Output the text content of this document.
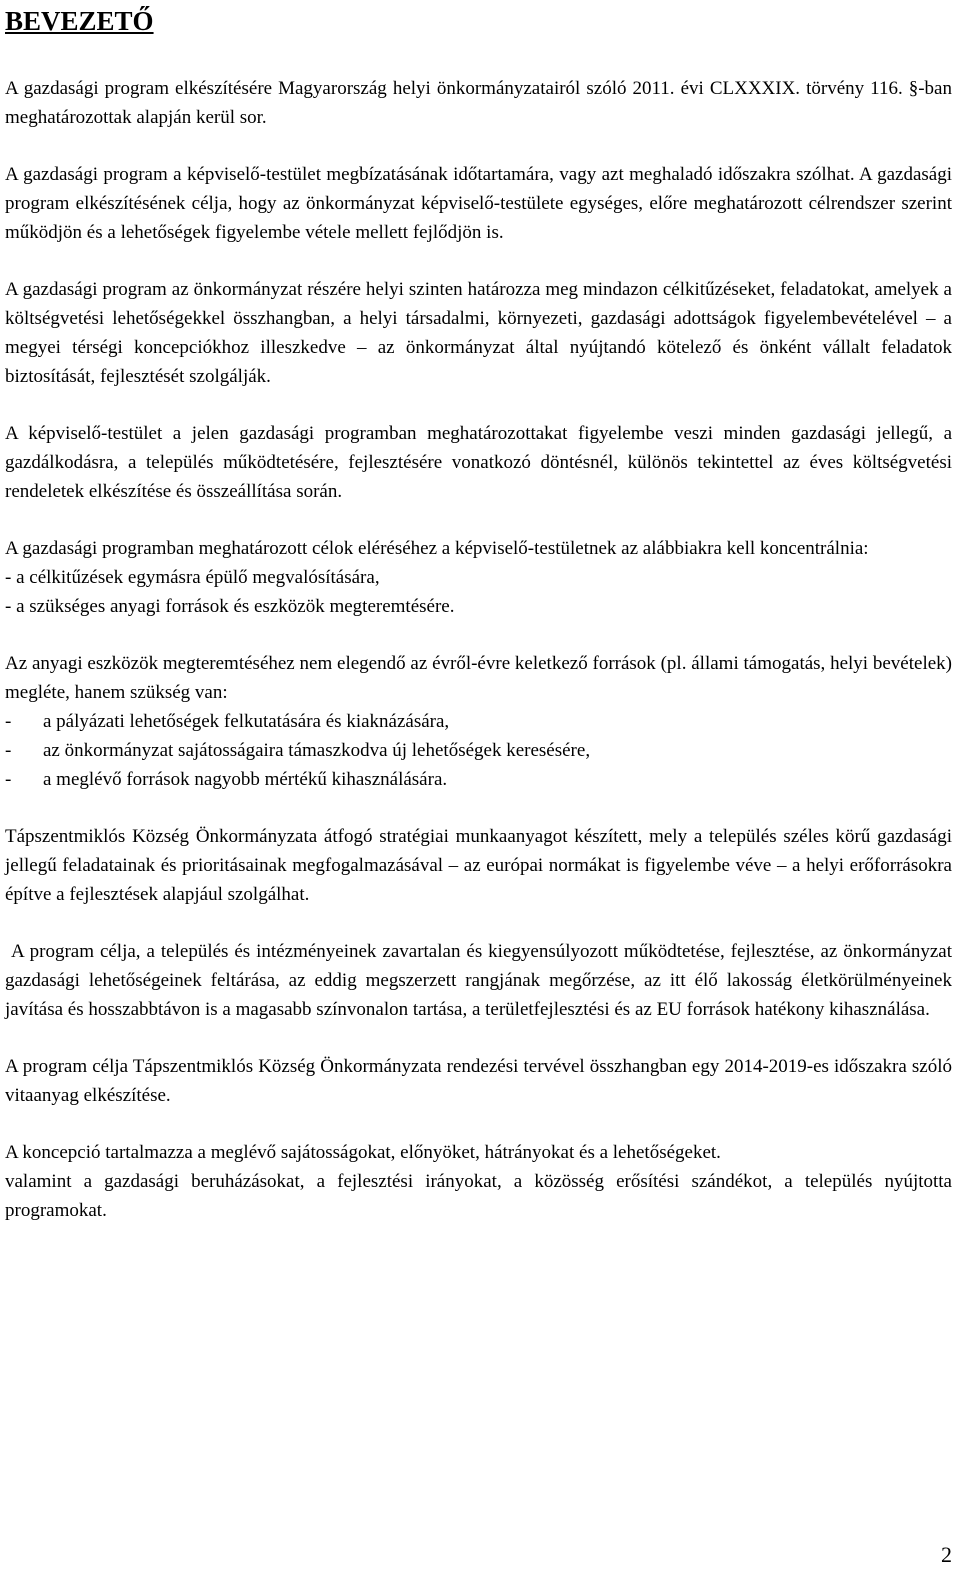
BEVEZETŐ

A gazdasági program elkészítésére Magyarország helyi önkormányzatairól szóló 2011. évi CLXXXIX. törvény 116. §-ban meghatározottak alapján kerül sor.

A gazdasági program a képviselő-testület megbízatásának időtartamára, vagy azt meghaladó időszakra szólhat. A gazdasági program elkészítésének célja, hogy az önkormányzat képviselő-testülete egységes, előre meghatározott célrendszer szerint működjön és a lehetőségek figyelembe vétele mellett fejlődjön is.

A gazdasági program az önkormányzat részére helyi szinten határozza meg mindazon célkitűzéseket, feladatokat, amelyek a költségvetési lehetőségekkel összhangban, a helyi társadalmi, környezeti, gazdasági adottságok figyelembevételével – a megyei térségi koncepciókhoz illeszkedve – az önkormányzat által nyújtandó kötelező és önként vállalt feladatok biztosítását, fejlesztését szolgálják.

A képviselő-testület a jelen gazdasági programban meghatározottakat figyelembe veszi minden gazdasági jellegű, a gazdálkodásra, a település működtetésére, fejlesztésére vonatkozó döntésnél, különös tekintettel az éves költségvetési rendeletek elkészítése és összeállítása során.

A gazdasági programban meghatározott célok eléréséhez a képviselő-testületnek az alábbiakra kell koncentrálnia:
- a célkitűzések egymásra épülő megvalósítására,
- a szükséges anyagi források és eszközök megteremtésére.

Az anyagi eszközök megteremtéséhez nem elegendő az évről-évre keletkező források (pl. állami támogatás, helyi bevételek) megléte, hanem szükség van:

-	a pályázati lehetőségek felkutatására és kiaknázására,
-	az önkormányzat sajátosságaira támaszkodva új lehetőségek keresésére,
-	a meglévő források nagyobb mértékű kihasználására.

Tápszentmiklós Község Önkormányzata átfogó stratégiai munkaanyagot készített, mely a település széles körű gazdasági jellegű feladatainak és prioritásainak megfogalmazásával – az európai normákat is figyelembe véve – a helyi erőforrásokra építve a fejlesztések alapjául szolgálhat.

A program célja, a település és intézményeinek zavartalan és kiegyensúlyozott működtetése, fejlesztése, az önkormányzat gazdasági lehetőségeinek feltárása, az eddig megszerzett rangjának megőrzése, az itt élő lakosság életkörülményeinek javítása és hosszabbtávon is a magasabb színvonalon tartása, a területfejlesztési és az EU források hatékony kihasználása.

A program célja Tápszentmiklós Község Önkormányzata rendezési tervével összhangban egy 2014-2019-es időszakra szóló vitaanyag elkészítése.

A koncepció tartalmazza a meglévő sajátosságokat, előnyöket, hátrányokat és a lehetőségeket.
valamint a gazdasági beruházásokat, a fejlesztési irányokat, a közösség erősítési szándékot, a település nyújtotta programokat.
2
